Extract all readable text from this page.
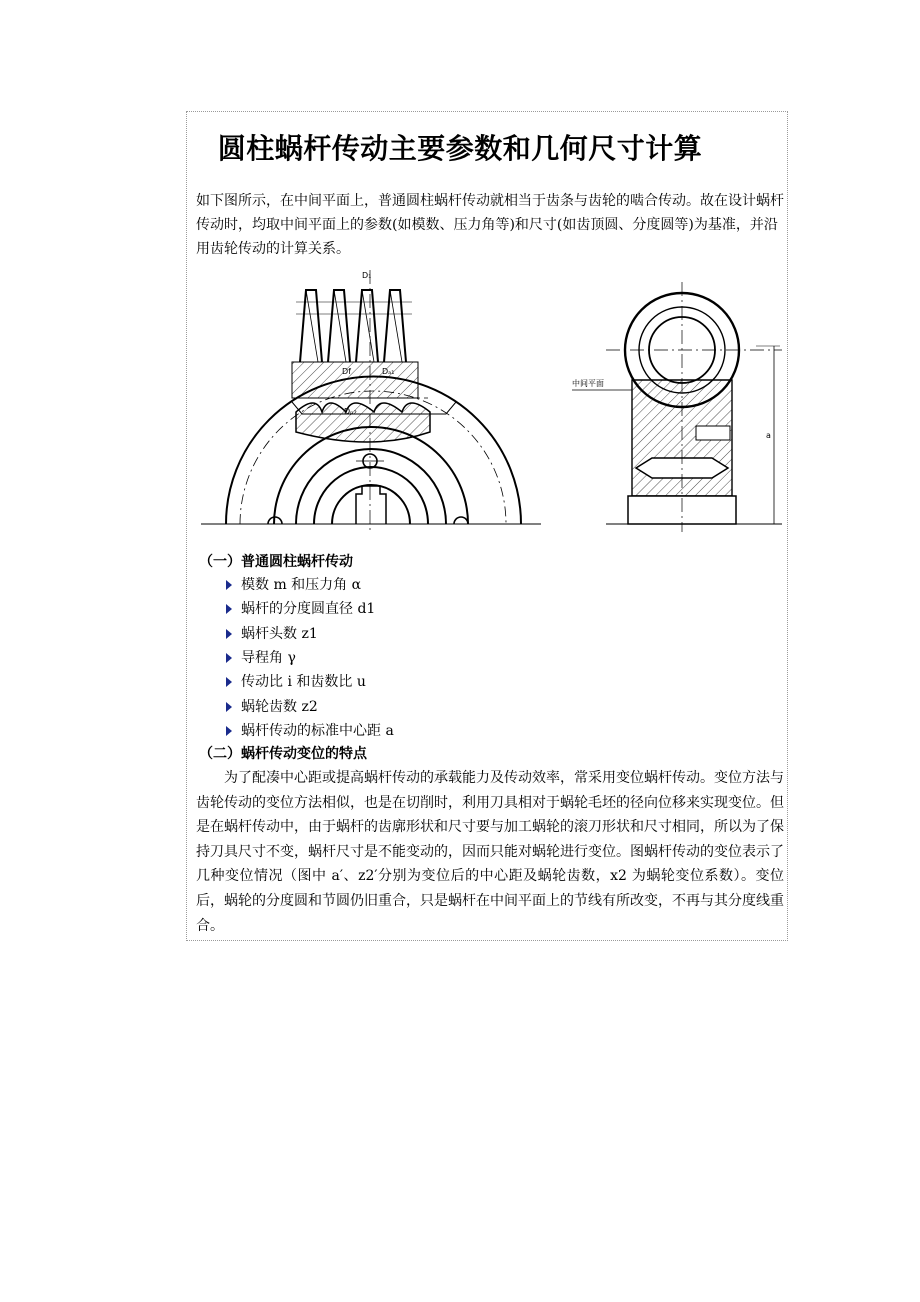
圆柱蜗杆传动主要参数和几何尺寸计算

如下图所示，在中间平面上，普通圆柱蜗杆传动就相当于齿条与齿轮的啮合传动。故在设计蜗杆传动时，均取中间平面上的参数(如模数、压力角等)和尺寸(如齿顶圆、分度圆等)为基准，并沿用齿轮传动的计算关系。

D₁
Df	Dₐ₁
Dₚ₂
中间平面
a
（一）普通圆柱蜗杆传动
模数 m 和压力角 α
蜗杆的分度圆直径 d1
蜗杆头数 z1
导程角 γ
传动比 i 和齿数比 u
蜗轮齿数 z2
蜗杆传动的标准中心距 a
（二）蜗杆传动变位的特点

为了配凑中心距或提高蜗杆传动的承载能力及传动效率，常采用变位蜗杆传动。变位方法与齿轮传动的变位方法相似，也是在切削时，利用刀具相对于蜗轮毛坯的径向位移来实现变位。但是在蜗杆传动中，由于蜗杆的齿廓形状和尺寸要与加工蜗轮的滚刀形状和尺寸相同，所以为了保持刀具尺寸不变，蜗杆尺寸是不能变动的，因而只能对蜗轮进行变位。图蜗杆传动的变位表示了几种变位情况（图中 a′、z2′分别为变位后的中心距及蜗轮齿数，x2 为蜗轮变位系数）。变位后，蜗轮的分度圆和节圆仍旧重合，只是蜗杆在中间平面上的节线有所改变，不再与其分度线重合。
